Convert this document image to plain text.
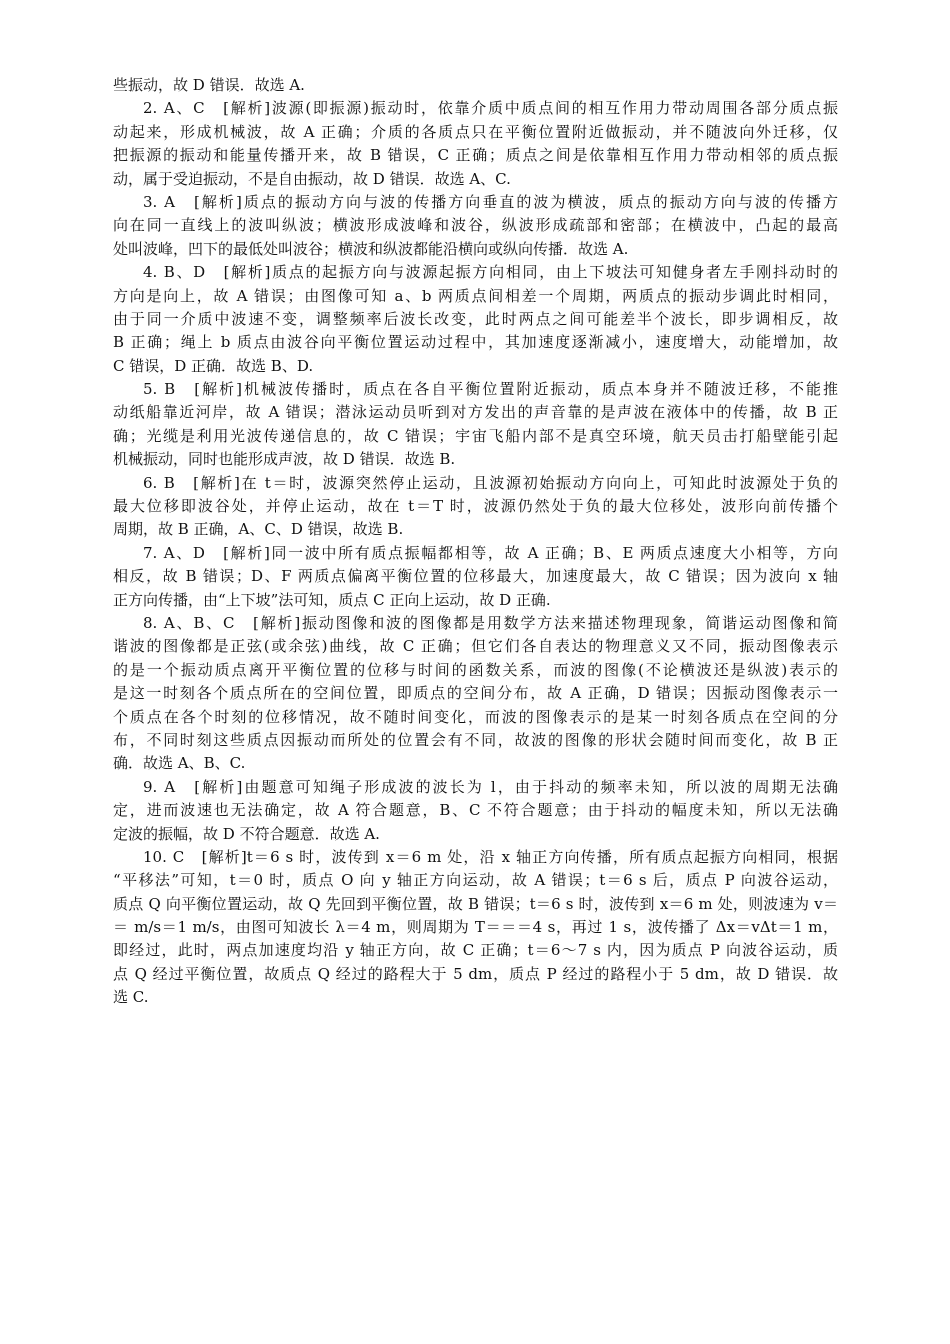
些振动，故 D 错误．故选 A.
2. A、C　[解析]波源(即振源)振动时，依靠介质中质点间的相互作用力带动周围各部分质点振
动起来，形成机械波，故 A 正确；介质的各质点只在平衡位置附近做振动，并不随波向外迁移，仅
把振源的振动和能量传播开来，故 B 错误，C 正确；质点之间是依靠相互作用力带动相邻的质点振
动，属于受迫振动，不是自由振动，故 D 错误．故选 A、C.
3. A　[解析]质点的振动方向与波的传播方向垂直的波为横波，质点的振动方向与波的传播方
向在同一直线上的波叫纵波；横波形成波峰和波谷，纵波形成疏部和密部；在横波中，凸起的最高
处叫波峰，凹下的最低处叫波谷；横波和纵波都能沿横向或纵向传播．故选 A.
4. B、D　[解析]质点的起振方向与波源起振方向相同，由上下坡法可知健身者左手刚抖动时的
方向是向上，故 A 错误；由图像可知 a、b 两质点间相差一个周期，两质点的振动步调此时相同，
由于同一介质中波速不变，调整频率后波长改变，此时两点之间可能差半个波长，即步调相反，故
B 正确；绳上 b 质点由波谷向平衡位置运动过程中，其加速度逐渐减小，速度增大，动能增加，故
C 错误，D 正确．故选 B、D.
5. B　[解析]机械波传播时，质点在各自平衡位置附近振动，质点本身并不随波迁移，不能推
动纸船靠近河岸，故 A 错误；潜泳运动员听到对方发出的声音靠的是声波在液体中的传播，故 B 正
确；光缆是利用光波传递信息的，故 C 错误；宇宙飞船内部不是真空环境，航天员击打船壁能引起
机械振动，同时也能形成声波，故 D 错误．故选 B.
6. B　[解析]在 t＝时，波源突然停止运动，且波源初始振动方向向上，可知此时波源处于负的
最大位移即波谷处，并停止运动，故在 t＝T 时，波源仍然处于负的最大位移处，波形向前传播个
周期，故 B 正确，A、C、D 错误，故选 B.
7. A、D　[解析]同一波中所有质点振幅都相等，故 A 正确；B、E 两质点速度大小相等，方向
相反，故 B 错误；D、F 两质点偏离平衡位置的位移最大，加速度最大，故 C 错误；因为波向 x 轴
正方向传播，由“上下坡”法可知，质点 C 正向上运动，故 D 正确.
8. A、B、C　[解析]振动图像和波的图像都是用数学方法来描述物理现象，简谐运动图像和简
谐波的图像都是正弦(或余弦)曲线，故 C 正确；但它们各自表达的物理意义又不同，振动图像表示
的是一个振动质点离开平衡位置的位移与时间的函数关系，而波的图像(不论横波还是纵波)表示的
是这一时刻各个质点所在的空间位置，即质点的空间分布，故 A 正确，D 错误；因振动图像表示一
个质点在各个时刻的位移情况，故不随时间变化，而波的图像表示的是某一时刻各质点在空间的分
布，不同时刻这些质点因振动而所处的位置会有不同，故波的图像的形状会随时间而变化，故 B 正
确．故选 A、B、C.
9. A　[解析]由题意可知绳子形成波的波长为 l，由于抖动的频率未知，所以波的周期无法确
定，进而波速也无法确定，故 A 符合题意，B、C 不符合题意；由于抖动的幅度未知，所以无法确
定波的振幅，故 D 不符合题意．故选 A.
10. C　[解析]t＝6 s 时，波传到 x＝6 m 处，沿 x 轴正方向传播，所有质点起振方向相同，根据
“平移法”可知，t＝0 时，质点 O 向 y 轴正方向运动，故 A 错误；t＝6 s 后，质点 P 向波谷运动，
质点 Q 向平衡位置运动，故 Q 先回到平衡位置，故 B 错误；t＝6 s 时，波传到 x＝6 m 处，则波速为 v＝
＝ m/s＝1 m/s，由图可知波长 λ＝4 m，则周期为 T＝＝＝4 s，再过 1 s，波传播了 Δx＝vΔt＝1 m，
即经过，此时，两点加速度均沿 y 轴正方向，故 C 正确；t＝6～7 s 内，因为质点 P 向波谷运动，质
点 Q 经过平衡位置，故质点 Q 经过的路程大于 5 dm，质点 P 经过的路程小于 5 dm，故 D 错误．故
选 C.
